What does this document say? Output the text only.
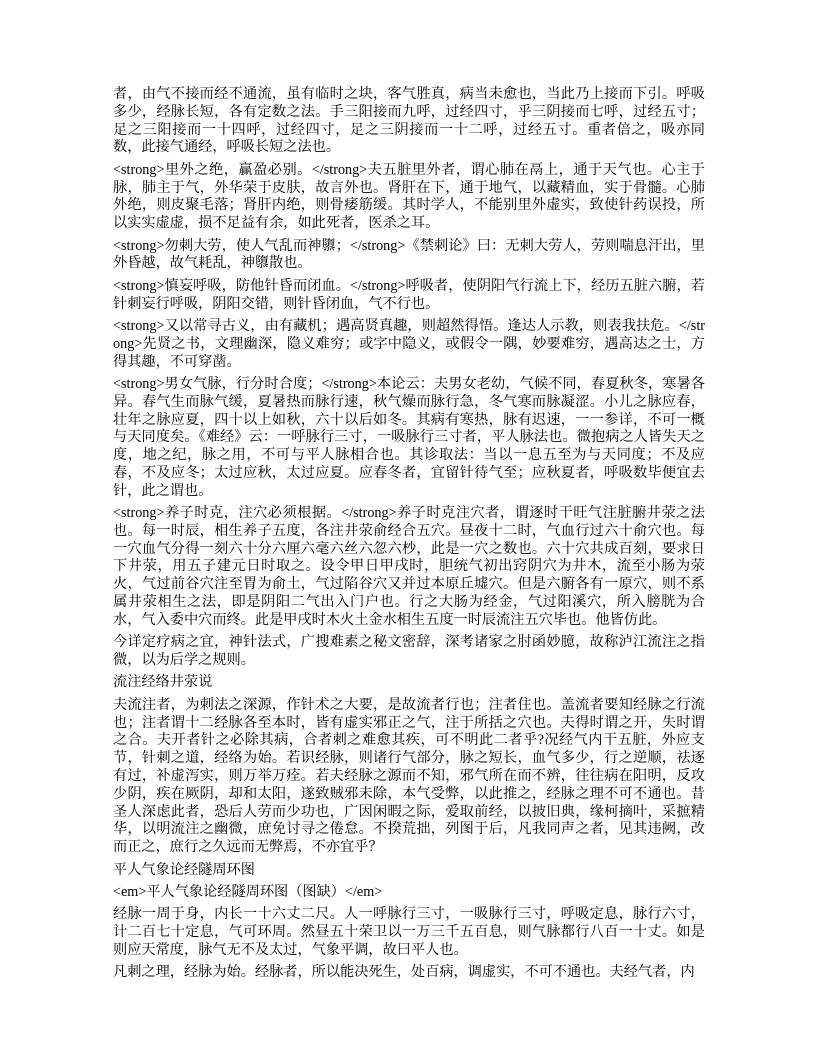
者，由气不接而经不通流，虽有临时之块，客气胜真，病当未愈也，当此乃上接而下引。呼吸多少，经脉长短，各有定数之法。手三阳接而九呼，过经四寸，乎三阴接而七呼，过经五寸；足之三阳接而一十四呼，过经四寸，足之三阴接而一十二呼，过经五寸。重者倍之，吸亦同数，此接气通经，呼吸长短之法也。

<strong>里外之绝，赢盈必别。</strong>夫五脏里外者，谓心肺在鬲上，通于天气也。心主于脉，肺主于气，外华荣于皮肤，故言外也。肾肝在下，通于地气，以藏精血，实于骨髓。心肺外绝，则皮聚毛落；肾肝内绝，则骨痿筋缓。其时学人，不能别里外虚实，致使针药误投，所以实实虚虚，损不足益有余，如此死者，医杀之耳。

<strong>勿刺大劳，使人气乱而神隳；</strong>《禁刺论》曰：无刺大劳人，劳则喘息汗出，里外昏越，故气耗乱，神隳散也。

<strong>慎妄呼吸，防他针昏而闭血。</strong>呼吸者，使阴阳气行流上下，经历五脏六腑，若针刺妄行呼吸，阴阳交错，则针昏闭血，气不行也。

<strong>又以常寻古义，由有藏机；遇高贤真趣，则超然得悟。逢达人示教，则表我扶危。</strong>先贤之书，文理幽深，隐义难穷；或字中隐义，或假令一隅，妙要难穷，遇高达之士，方得其趣，不可穿凿。

<strong>男女气脉，行分时合度；</strong>本论云：夫男女老幼，气候不同，春夏秋冬，寒暑各异。春气生而脉气缓，夏暑热而脉行速，秋气燥而脉行急，冬气寒而脉凝涩。小儿之脉应春，壮年之脉应夏，四十以上如秋，六十以后如冬。其病有寒热，脉有迟速，一一参详，不可一概与天同度矣。《难经》云：一呼脉行三寸，一吸脉行三寸者，平人脉法也。微抱病之人皆失天之度，地之纪，脉之用，不可与平人脉相合也。其诊取法：当以一息五至为与天同度；不及应春，不及应冬；太过应秋，太过应夏。应春冬者，宜留针待气至；应秋夏者，呼吸数毕便宜去针，此之谓也。

<strong>养子时克，注穴必须根据。</strong>养子时克注穴者，谓逐时干旺气注脏腑井荥之法也。每一时辰，相生养子五度，各注井荥俞经合五穴。昼夜十二时，气血行过六十俞穴也。每一穴血气分得一刻六十分六厘六毫六丝六忽六杪，此是一穴之数也。六十穴共成百刻，要求日下井荥，用五子建元日时取之。设令甲日甲戌时，胆统气初出窍阴穴为井木，流至小肠为荥火，气过前谷穴注至胃为俞土，气过陷谷穴又并过本原丘墟穴。但是六腑各有一原穴，则不系属井荥相生之法，即是阴阳二气出入门户也。行之大肠为经金，气过阳溪穴，所入膀胱为合水，气入委中穴而终。此是甲戌时木火土金水相生五度一时辰流注五穴毕也。他皆仿此。

今详定疗病之宜，神针法式，广搜难素之秘文密辞，深考诸家之肘函妙臆，故称泸江流注之指微，以为后学之规则。

流注经络井荥说

夫流注者，为刺法之深源，作针术之大要，是故流者行也；注者住也。盖流者要知经脉之行流也；注者谓十二经脉各至本时，皆有虚实邪正之气，注于所括之穴也。夫得时谓之开，失时谓之合。夫开者针之必除其病，合者刺之难愈其疾，可不明此二者乎?况经气内干五脏，外应支节，针刺之道，经络为始。若识经脉，则诸行气部分，脉之短长，血气多少，行之逆顺，祛逐有过，补虚泻实，则万举万痊。若夫经脉之源而不知，邪气所在而不辨，往往病在阳明，反攻少阴，疾在厥阴，却和太阳，遂致贼邪未除，本气受弊，以此推之，经脉之理不可不通也。昔圣人深虑此者，恐后人劳而少功也，广因闲暇之际，爱取前经，以披旧典，缘柯摘叶，采摭精华，以明流注之幽微，庶免讨寻之倦怠。不揆荒拙，列图于后，凡我同声之者，见其违阙，改而正之，庶行之久远而无弊焉，不亦宜乎？

平人气象论经隧周环图

<em>平人气象论经隧周环图（图缺）</em>

经脉一周于身，内长一十六丈二尺。人一呼脉行三寸，一吸脉行三寸，呼吸定息，脉行六寸，计二百七十定息，气可环周。然昼五十荣卫以一万三千五百息，则气脉都行八百一十丈。如是则应天常度，脉气无不及太过，气象平调，故曰平人也。

凡刺之理，经脉为始。经脉者，所以能决死生，处百病，调虚实，不可不通也。夫经气者，内
